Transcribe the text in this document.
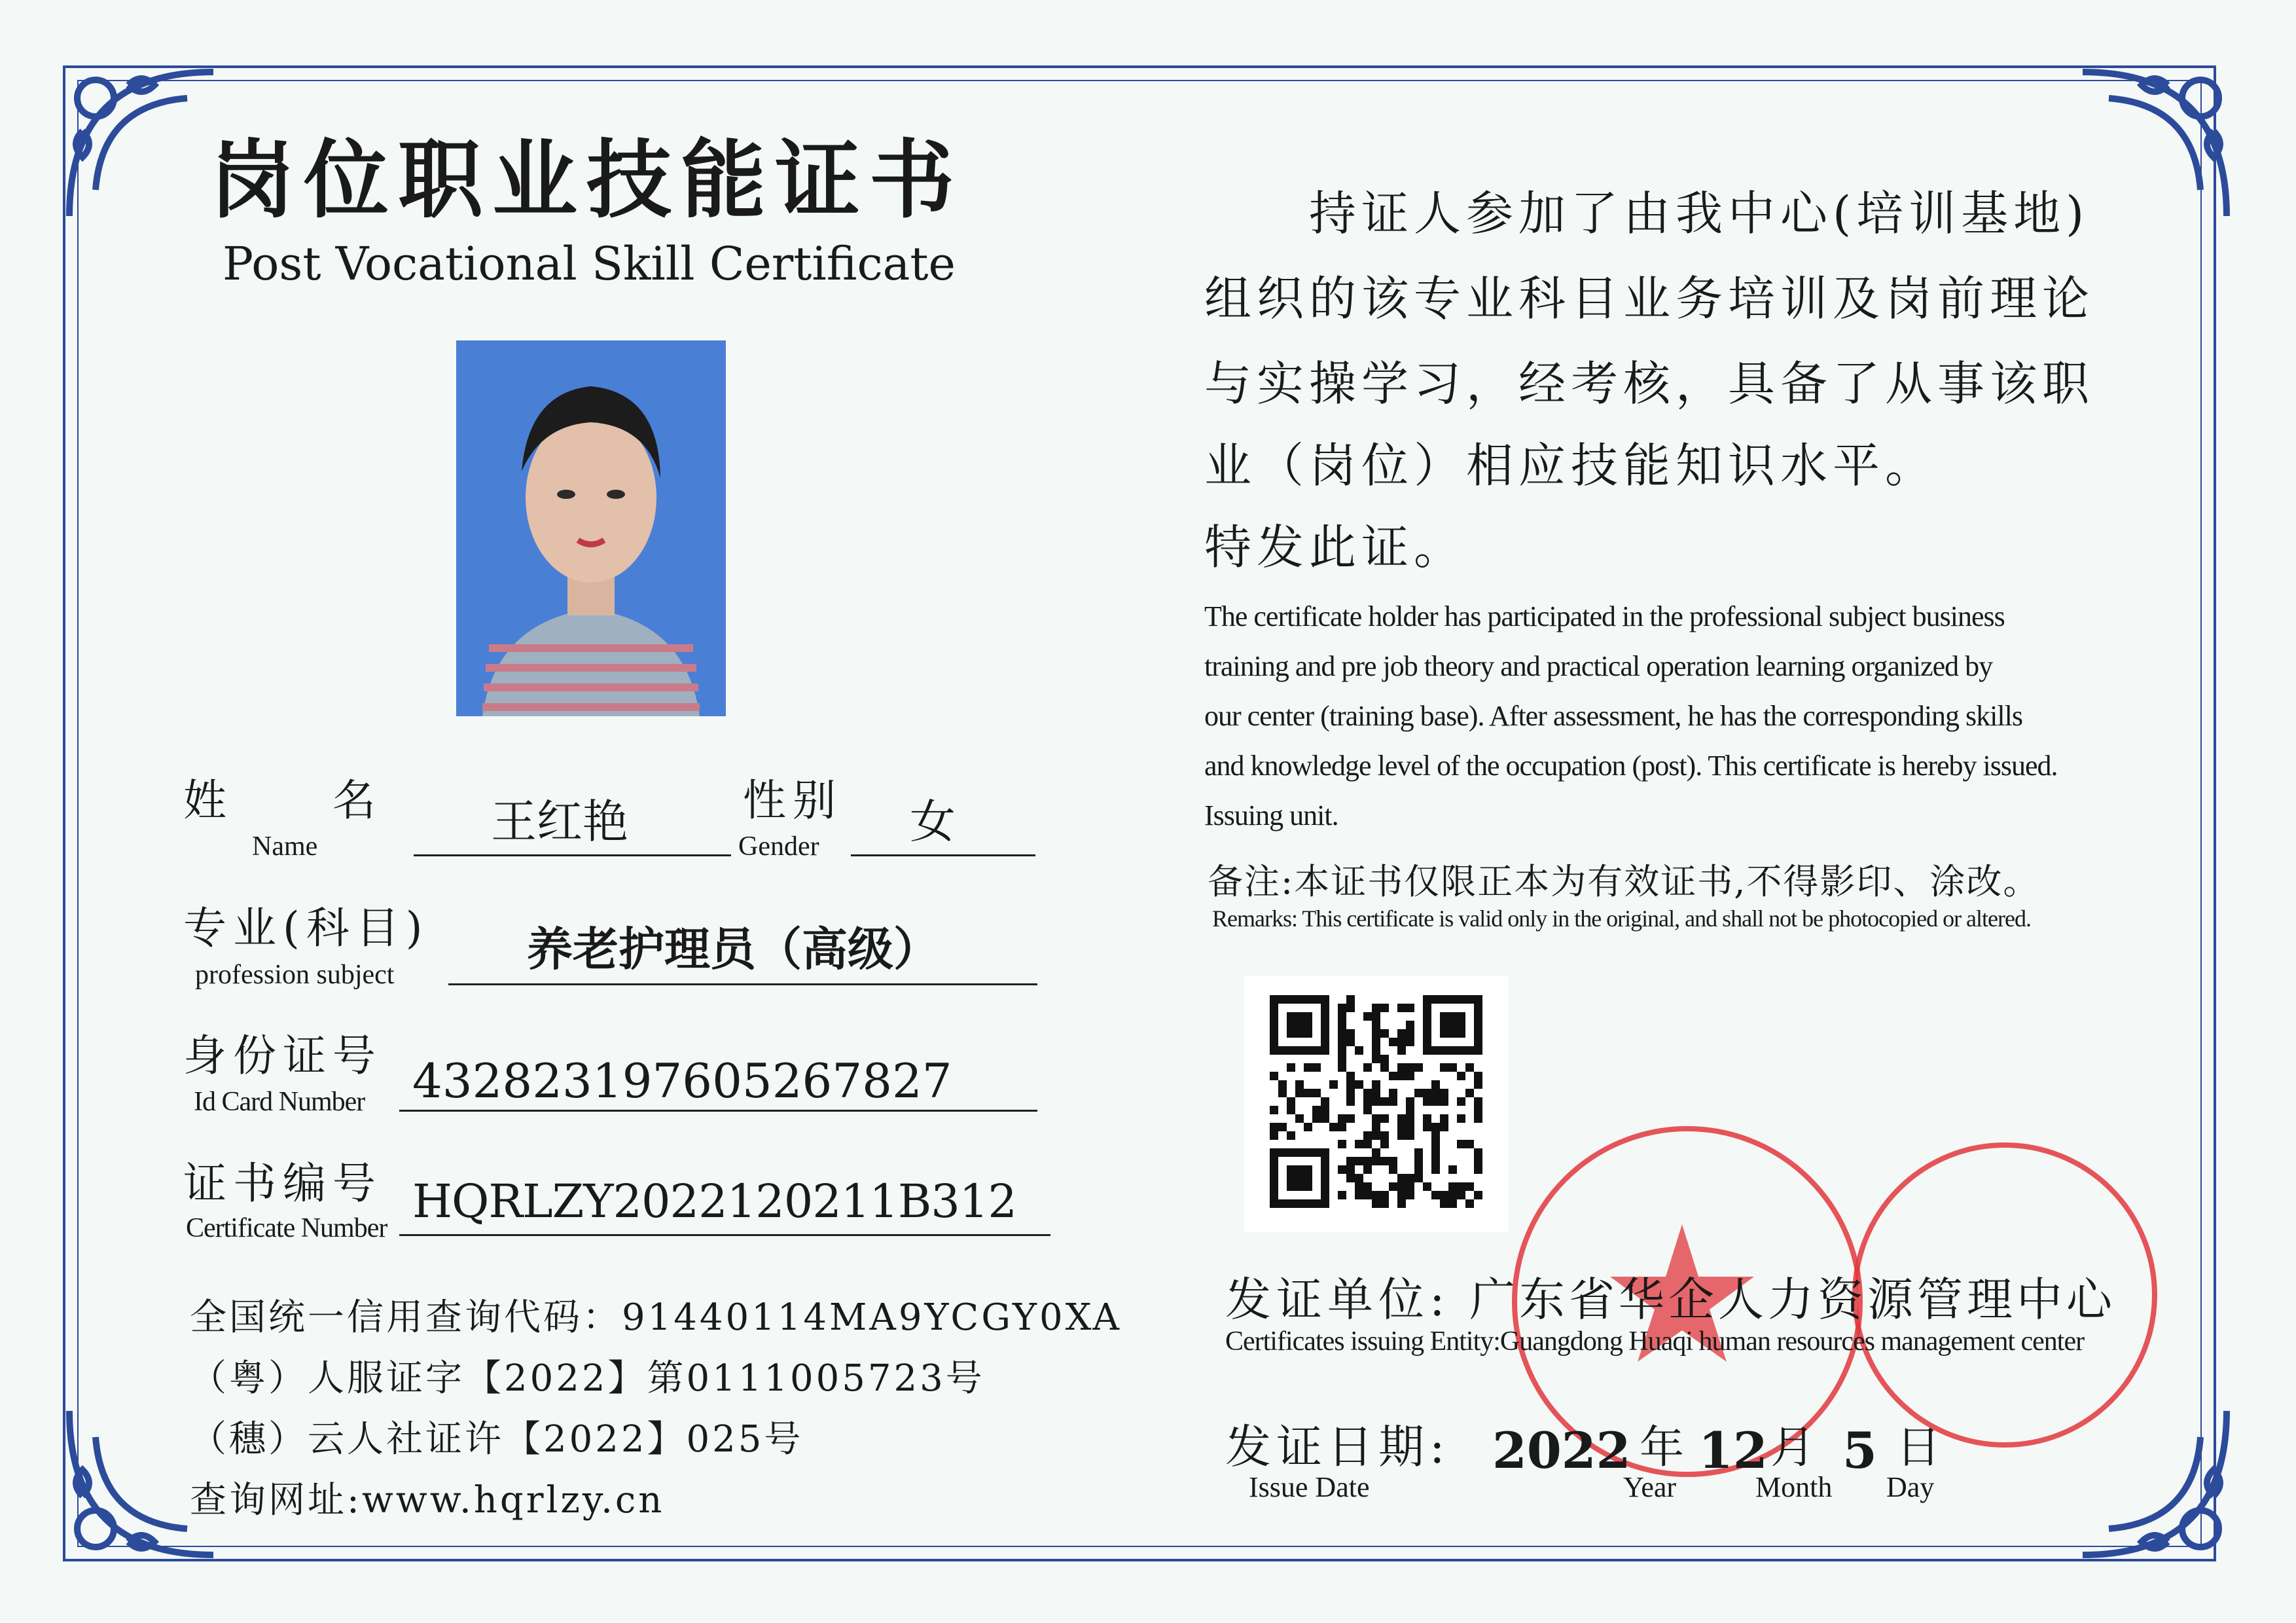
岗位职业技能证书
Post Vocational Skill Certificate
姓　　名
Name	王红艳	性别
Gender 女
专业(科目)
profession subject	养老护理员（高级）
身份证号
Id Card Number 432823197605267827
证书编号
Certificate Number HQRLZY2022120211B312
全国统一信用查询代码：91440114MA9YCGY0XA
（粤）人服证字【2022】第0111005723号
（穗）云人社证许【2022】025号
查询网址:www.hqrlzy.cn
持证人参加了由我中心(培训基地)
组织的该专业科目业务培训及岗前理论
与实操学习，经考核，具备了从事该职
业（岗位）相应技能知识水平。
特发此证。
The certificate holder has participated in the professional subject business
training and pre job theory and practical operation learning organized by
our center (training base). After assessment, he has the corresponding skills
and knowledge level of the occupation (post). This certificate is hereby issued.
Issuing unit.
备注:本证书仅限正本为有效证书,不得影印、涂改。
Remarks: This certificate is valid only in the original, and shall not be photocopied or altered.
发证单位: 广东省华企人力资源管理中心
Certificates issuing Entity:Guangdong Huaqi human resources management center
发证日期:
Issue Date
2022 年
Year
12 月
Month
5 日
Day
